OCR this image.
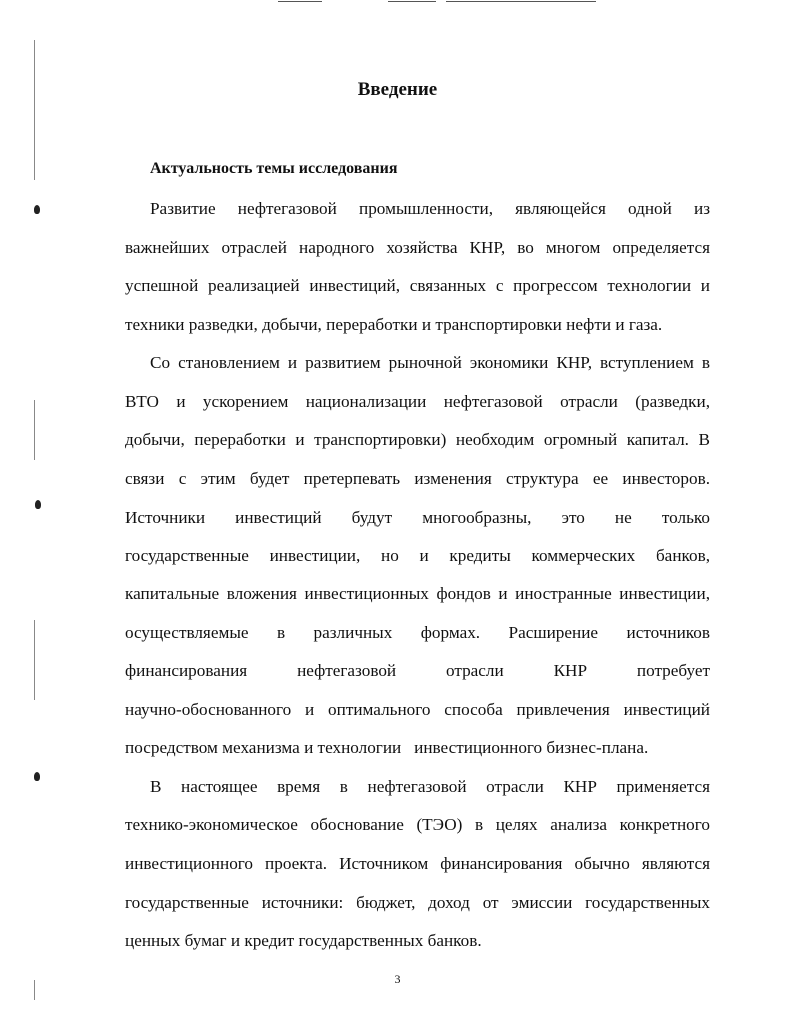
Введение
Актуальность темы исследования

Развитие нефтегазовой промышленности, являющейся одной из

важнейших отраслей народного хозяйства КНР, во многом определяется

успешной реализацией инвестиций, связанных с прогрессом технологии и

техники разведки, добычи, переработки и транспортировки нефти и газа.

Со становлением и развитием рыночной экономики КНР, вступлением в

ВТО и ускорением национализации нефтегазовой отрасли (разведки,

добычи, переработки и транспортировки) необходим огромный капитал. В

связи с этим будет претерпевать изменения структура ее инвесторов.

Источники инвестиций будут многообразны, это не только

государственные инвестиции, но и кредиты коммерческих банков,

капитальные вложения инвестиционных фондов и иностранные инвестиции,

осуществляемые в различных формах. Расширение источников

финансирования нефтегазовой отрасли КНР потребует

научно-обоснованного и оптимального способа привлечения инвестиций

посредством механизма и технологии   инвестиционного бизнес-плана.

В настоящее время в нефтегазовой отрасли КНР применяется

технико-экономическое обоснование (ТЭО) в целях анализа конкретного

инвестиционного проекта. Источником финансирования обычно являются

государственные источники: бюджет, доход от эмиссии государственных

ценных бумаг и кредит государственных банков.

3
